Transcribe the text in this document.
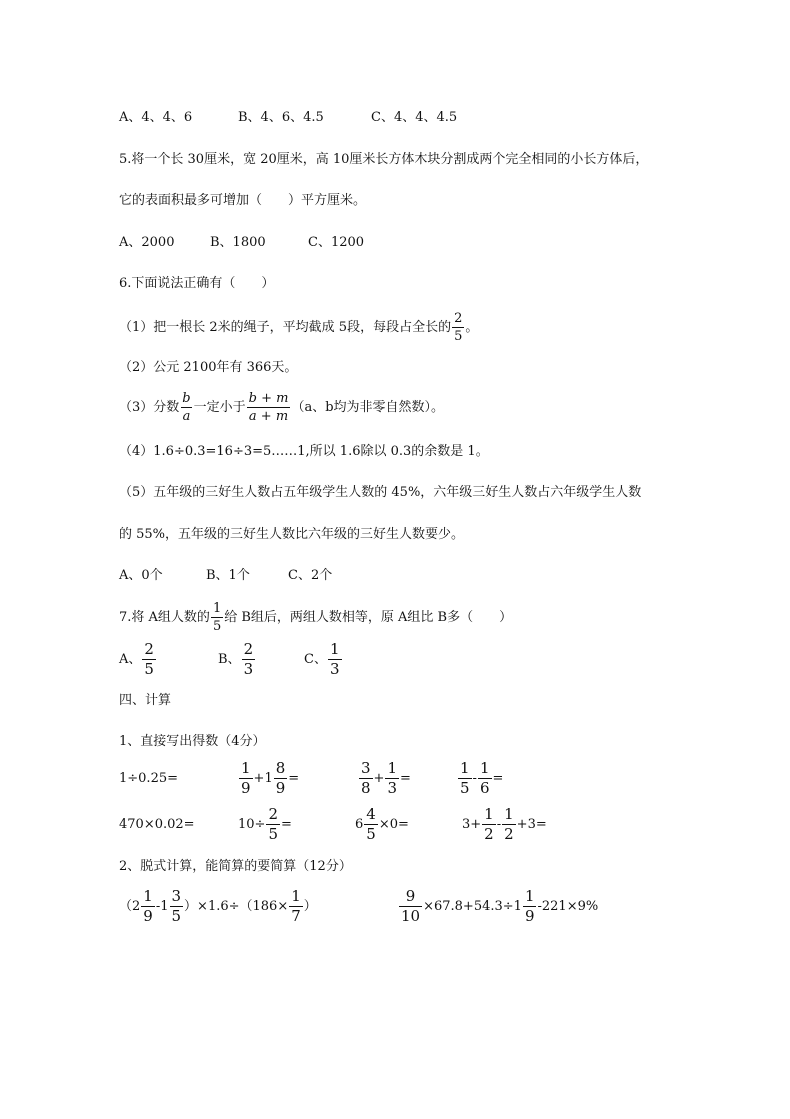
A、4、4、6	B、4、6、4.5	C、4、4、4.5
5.将一个长 30厘米，宽 20厘米，高 10厘米长方体木块分割成两个完全相同的小长方体后，
它的表面积最多可增加（　　）平方厘米。
A、2000	B、1800	C、1200
6.下面说法正确有（　　）
（1）把一根长 2米的绳子，平均截成 5段，每段占全长的 $\frac{2}{5}$ 。
（2）公元 2100年有 366天。
（3）分数 $\frac{b}{a}$ 一定小于 $\frac{b + m}{a + m} (a$、b均为非零自然数）。
（4）1.6÷0.3=16÷3=5……1,所以 1.6除以 0.3的余数是 1。
（5）五年级的三好生人数占五年级学生人数的 45%，六年级三好生人数占六年级学生人数
的 55%，五年级的三好生人数比六年级的三好生人数要少。
A、0个	B、1个	C、2个
7.将 A组人数的 $\frac{1}{5}$ 给 B组后，两组人数相等，原 A组比 B多（　　）
A、 $\frac{2}{5}$	B、 $\frac{2}{3}$	C、 $\frac{1}{3}$
四、计算
1、直接写出得数（4分）
1÷0.25=	$\frac{1}{9} +1 \frac{8}{9}$ =	$\frac{3}{8} + \frac{1}{3}$ =	$\frac{1}{5} - \frac{1}{6}$ =
470×0.02=	$10\div \frac{2}{5}$ =	$6 \frac{4}{5} \times 0=$	$3+ \frac{1}{2} - \frac{1}{2} +3=$
2、脱式计算，能简算的要简算（12分）
$(2 \frac{1}{9} -1 \frac{3}{5} )\times 1.6\div(186\times \frac{1}{7}$ ）	$\frac{9}{10} \times 67.8+54.3\div 1 \frac{1}{9} -221\times 9\%$
